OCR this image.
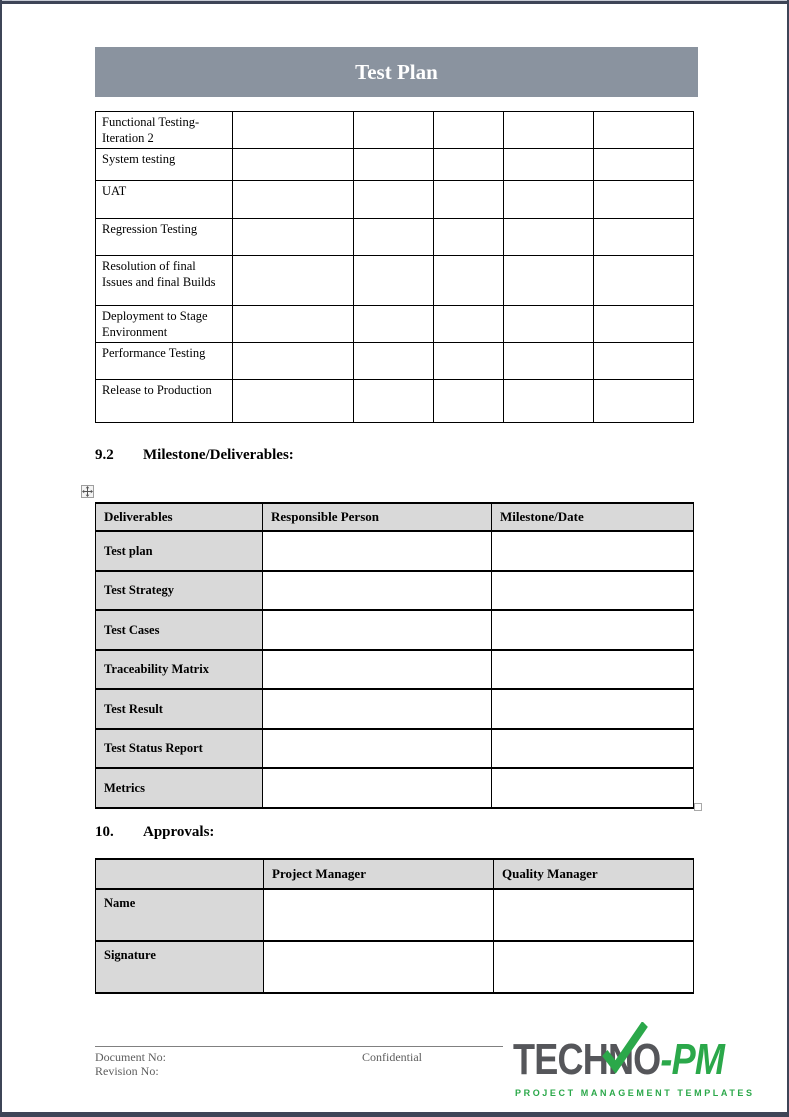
Test Plan
Functional Testing-Iteration 2					
System testing					
UAT					
Regression Testing					
Resolution of final Issues and final Builds					
Deployment to Stage Environment					
Performance Testing					
Release to Production					
9.2	Milestone/Deliverables:
Deliverables	Responsible Person	Milestone/Date
Test plan		
Test Strategy		
Test Cases		
Traceability Matrix		
Test Result		
Test Status Report		
Metrics		
10.	Approvals:
	Project Manager	Quality Manager
Name		
Signature		
Document No:
Revision No:
Confidential TECHNO
-PM
PROJECT MANAGEMENT TEMPLATES
